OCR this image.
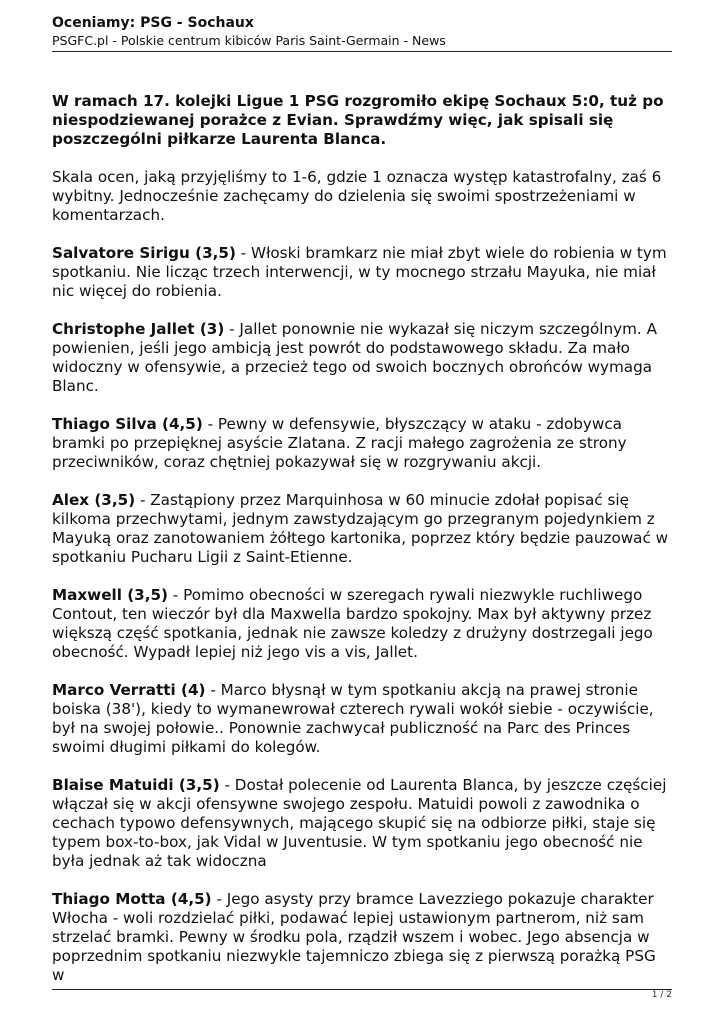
Oceniamy: PSG - Sochaux

PSGFC.pl - Polskie centrum kibiców Paris Saint-Germain - News

W ramach 17. kolejki Ligue 1 PSG rozgromiło ekipę Sochaux 5:0, tuż po niespodziewanej porażce z Evian. Sprawdźmy więc, jak spisali się poszczególni piłkarze Laurenta Blanca.

Skala ocen, jaką przyjęliśmy to 1-6, gdzie 1 oznacza występ katastrofalny, zaś 6 wybitny. Jednocześnie zachęcamy do dzielenia się swoimi spostrzeżeniami w komentarzach.

Salvatore Sirigu (3,5) - Włoski bramkarz nie miał zbyt wiele do robienia w tym spotkaniu. Nie licząc trzech interwencji, w ty mocnego strzału Mayuka, nie miał nic więcej do robienia.

Christophe Jallet (3) - Jallet ponownie nie wykazał się niczym szczególnym. A powienien, jeśli jego ambicją jest powrót do podstawowego składu. Za mało widoczny w ofensywie, a przecież tego od swoich bocznych obrońców wymaga Blanc.

Thiago Silva (4,5) - Pewny w defensywie, błyszczący w ataku - zdobywca bramki po przepięknej asyście Zlatana. Z racji małego zagrożenia ze strony przeciwników, coraz chętniej pokazywał się w rozgrywaniu akcji.

Alex (3,5) - Zastąpiony przez Marquinhosa w 60 minucie zdołał popisać się kilkoma przechwytami, jednym zawstydzającym go przegranym pojedynkiem z Mayuką oraz zanotowaniem żółtego kartonika, poprzez który będzie pauzować w spotkaniu Pucharu Ligii z Saint-Etienne.

Maxwell (3,5) - Pomimo obecności w szeregach rywali niezwykle ruchliwego Contout, ten wieczór był dla Maxwella bardzo spokojny. Max był aktywny przez większą część spotkania, jednak nie zawsze koledzy z drużyny dostrzegali jego obecność. Wypadł lepiej niż jego vis a vis, Jallet.

Marco Verratti (4) - Marco błysnął w tym spotkaniu akcją na prawej stronie boiska (38'), kiedy to wymanewrował czterech rywali wokół siebie - oczywiście, był na swojej połowie.. Ponownie zachwycał publiczność na Parc des Princes swoimi długimi piłkami do kolegów.

Blaise Matuidi (3,5) - Dostał polecenie od Laurenta Blanca, by jeszcze częściej włączał się w akcji ofensywne swojego zespołu. Matuidi powoli z zawodnika o cechach typowo defensywnych, mającego skupić się na odbiorze piłki, staje się typem box-to-box, jak Vidal w Juventusie. W tym spotkaniu jego obecność nie była jednak aż tak widoczna

Thiago Motta (4,5) - Jego asysty przy bramce Lavezziego pokazuje charakter Włocha - woli rozdzielać piłki, podawać lepiej ustawionym partnerom, niż sam strzelać bramki. Pewny w środku pola, rządził wszem i wobec. Jego absencja w poprzednim spotkaniu niezwykle tajemniczo zbiega się z pierwszą porażką PSG w

1 / 2
